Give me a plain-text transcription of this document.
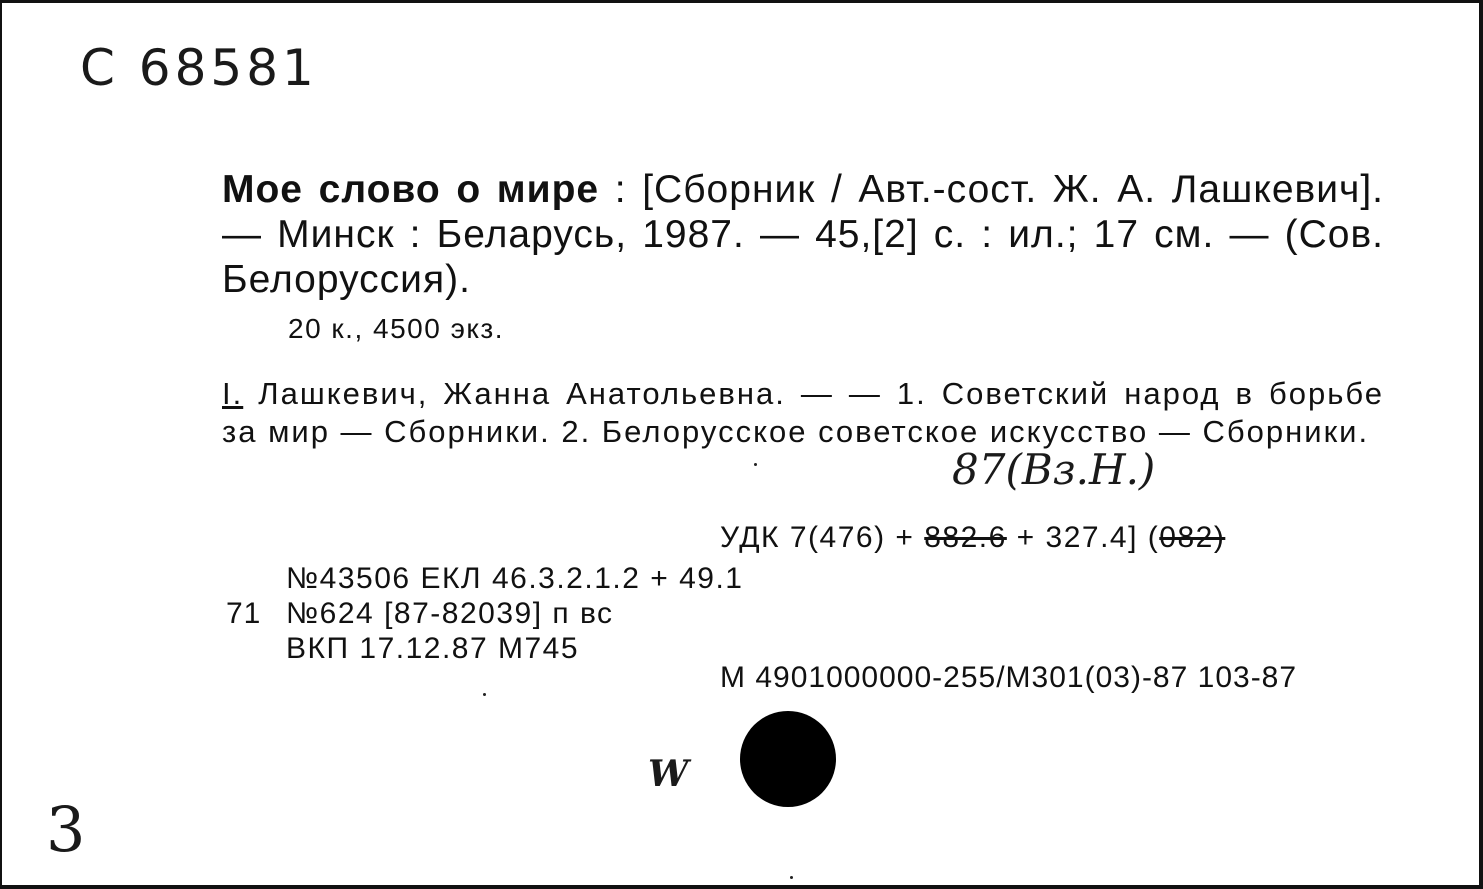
С 68581
Мое слово о мире : [Сборник / Авт.-сост. Ж. А. Лашкевич]. — Минск : Беларусь, 1987. — 45,[2] с. : ил.; 17 см. — (Сов. Белоруссия).
20 к., 4500 экз.
I. Лашкевич, Жанна Анатольевна. — — 1. Советский народ в борьбе за мир — Сборники. 2. Белорусское советское искусство — Сборники.
87(Вз.Н.)
УДК 7(476) + 882.6 + 327.4] (082)
№43506 ЕКЛ 46.3.2.1.2 + 49.1
№624 [87-82039] п вс
ВКП 17.12.87 М745
71
М 4901000000-255/М301(03)-87 103-87
W
3
